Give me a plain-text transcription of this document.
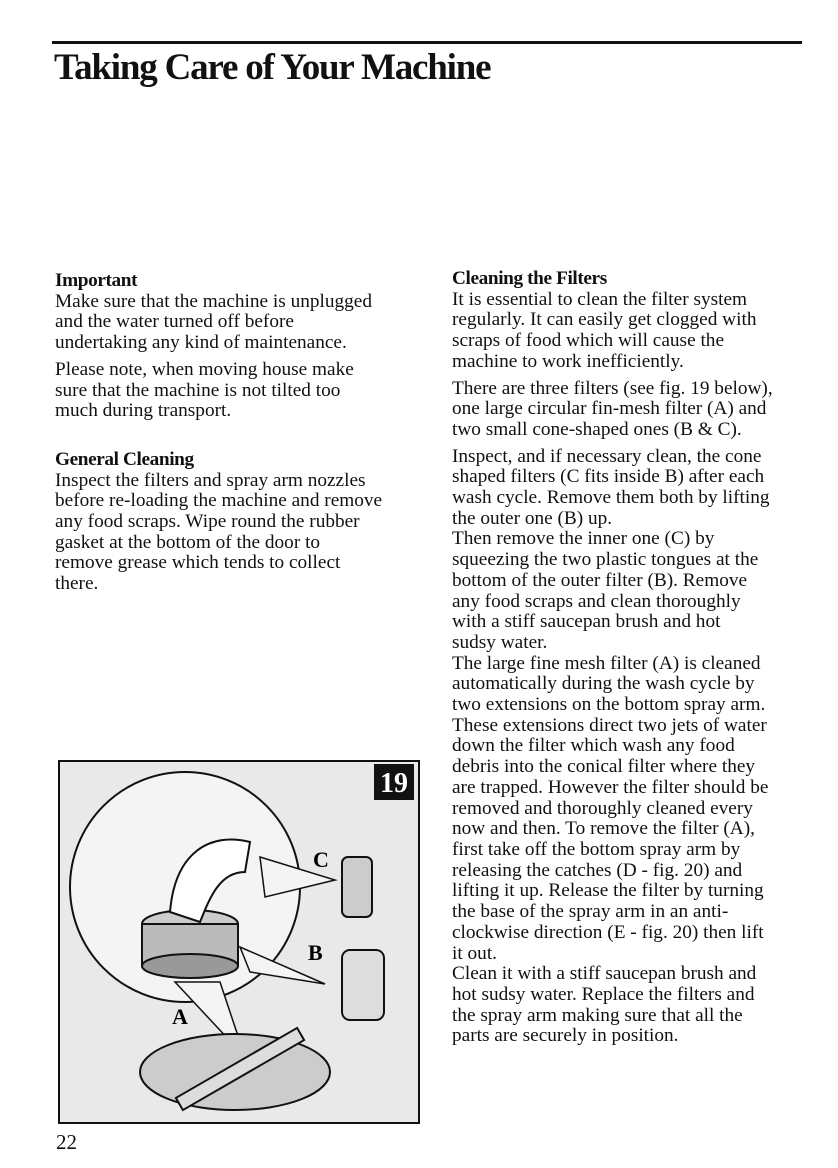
Taking Care of Your Machine
Important
Make sure that the machine is unplugged
and the water turned off before
undertaking any kind of maintenance.
Please note, when moving house make
sure that the machine is not tilted too
much during transport.
General Cleaning
Inspect the filters and spray arm nozzles
before re-loading the machine and remove
any food scraps. Wipe round the rubber
gasket at the bottom of the door to
remove grease which tends to collect
there.
Cleaning the Filters
It is essential to clean the filter system
regularly. It can easily get clogged with
scraps of food which will cause the
machine to work inefficiently.
There are three filters (see fig. 19 below),
one large circular fin-mesh filter (A) and
two small cone-shaped ones (B & C).
Inspect, and if necessary clean, the cone
shaped filters (C fits inside B) after each
wash cycle. Remove them both by lifting
the outer one (B) up.
Then remove the inner one (C) by
squeezing the two plastic tongues at the
bottom of the outer filter (B). Remove
any food scraps and clean thoroughly
with a stiff saucepan brush and hot
sudsy water.
The large fine mesh filter (A) is cleaned
automatically during the wash cycle by
two extensions on the bottom spray arm.
These extensions direct two jets of water
down the filter which wash any food
debris into the conical filter where they
are trapped. However the filter should be
removed and thoroughly cleaned every
now and then. To remove the filter (A),
first take off the bottom spray arm by
releasing the catches (D - fig. 20) and
lifting it up. Release the filter by turning
the base of the spray arm in an anti-
clockwise direction (E - fig. 20) then lift
it out.
Clean it with a stiff saucepan brush and
hot sudsy water. Replace the filters and
the spray arm making sure that all the
parts are securely in position.
19
C
B
A
22
